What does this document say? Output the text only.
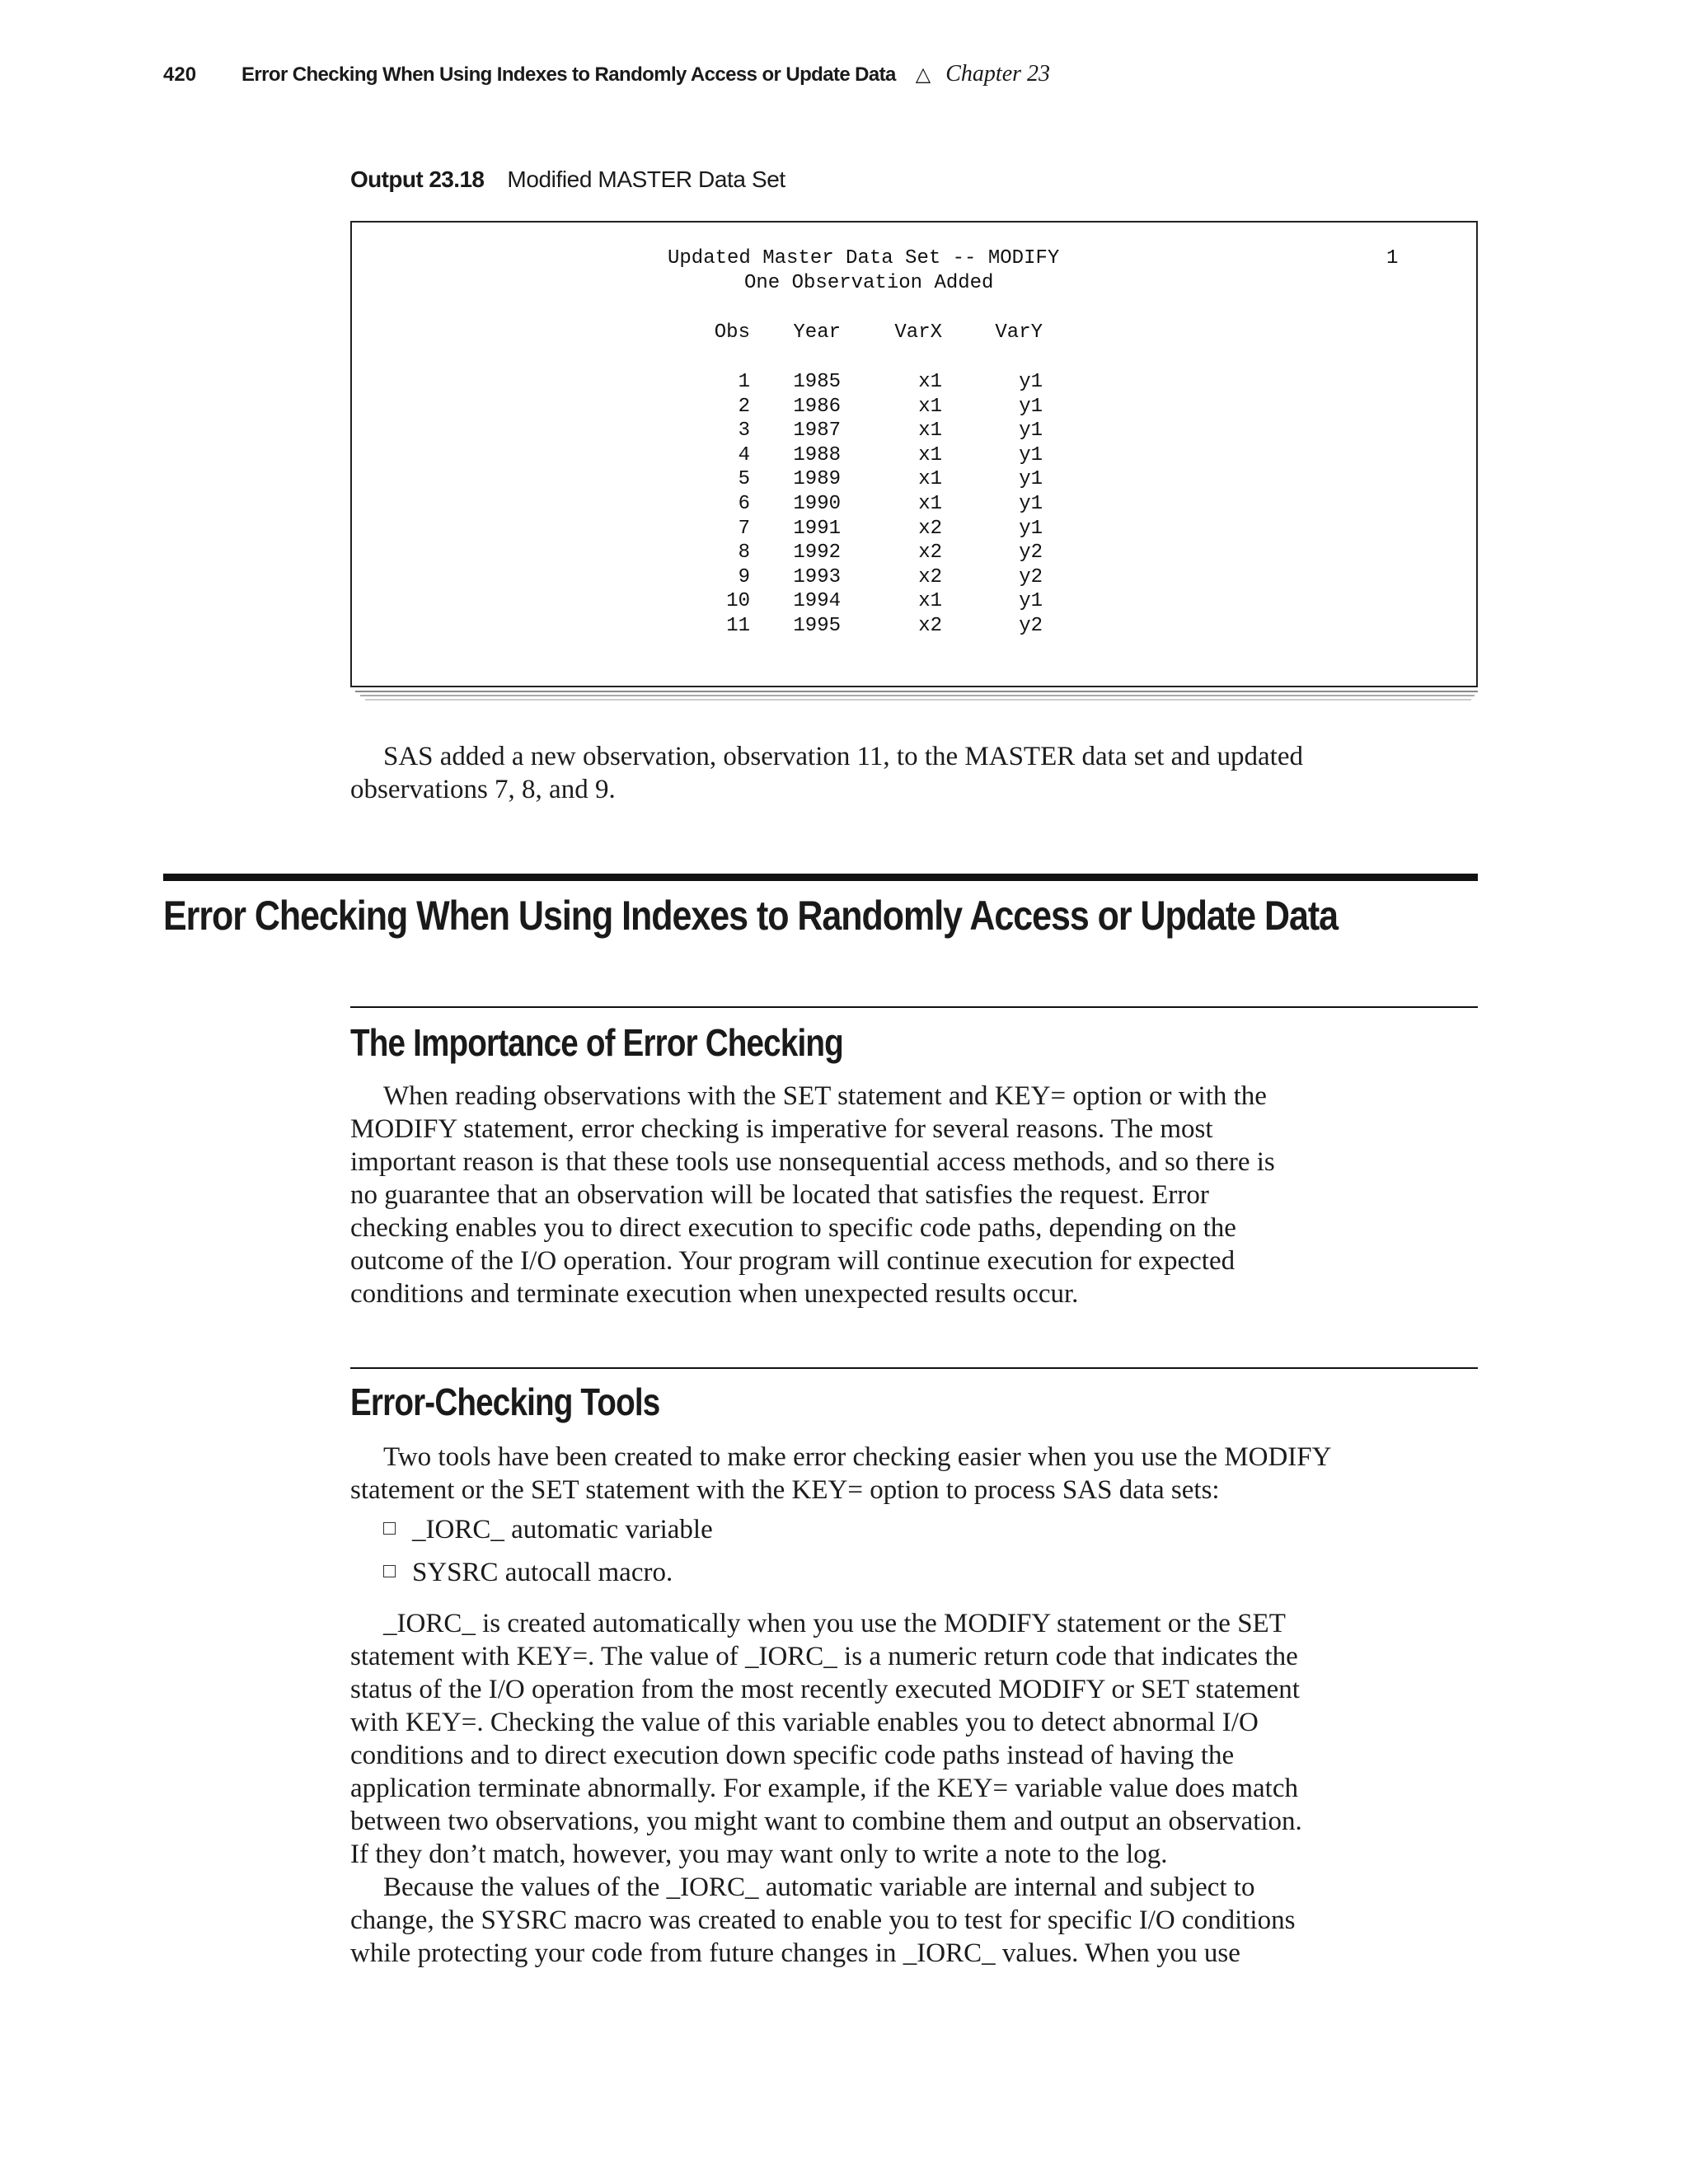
420	Error Checking When Using Indexes to Randomly Access or Update Data △ Chapter 23
Output 23.18 Modified MASTER Data Set
Updated Master Data Set -- MODIFY	1
One Observation Added
Obs Year	VarX	VarY
1 1985	x1	y1
2 1986	x1	y1
3 1987	x1	y1
4 1988	x1	y1
5 1989	x1	y1
6 1990	x1	y1
7 1991	x2	y1
8 1992	x2	y2
9 1993	x2	y2
10 1994	x1	y1
11 1995	x2	y2

SAS added a new observation, observation 11, to the MASTER data set and updated
observations 7, 8, and 9.

Error Checking When Using Indexes to Randomly Access or Update Data
The Importance of Error Checking

When reading observations with the SET statement and KEY= option or with the
MODIFY statement, error checking is imperative for several reasons. The most
important reason is that these tools use nonsequential access methods, and so there is
no guarantee that an observation will be located that satisfies the request. Error
checking enables you to direct execution to specific code paths, depending on the
outcome of the I/O operation. Your program will continue execution for expected
conditions and terminate execution when unexpected results occur.

Error-Checking Tools

Two tools have been created to make error checking easier when you use the MODIFY
statement or the SET statement with the KEY= option to process SAS data sets:

_IORC_ automatic variable
SYSRC autocall macro.

_IORC_ is created automatically when you use the MODIFY statement or the SET
statement with KEY=. The value of _IORC_ is a numeric return code that indicates the
status of the I/O operation from the most recently executed MODIFY or SET statement
with KEY=. Checking the value of this variable enables you to detect abnormal I/O
conditions and to direct execution down specific code paths instead of having the
application terminate abnormally. For example, if the KEY= variable value does match
between two observations, you might want to combine them and output an observation.
If they don’t match, however, you may want only to write a note to the log.

Because the values of the _IORC_ automatic variable are internal and subject to
change, the SYSRC macro was created to enable you to test for specific I/O conditions
while protecting your code from future changes in _IORC_ values. When you use
